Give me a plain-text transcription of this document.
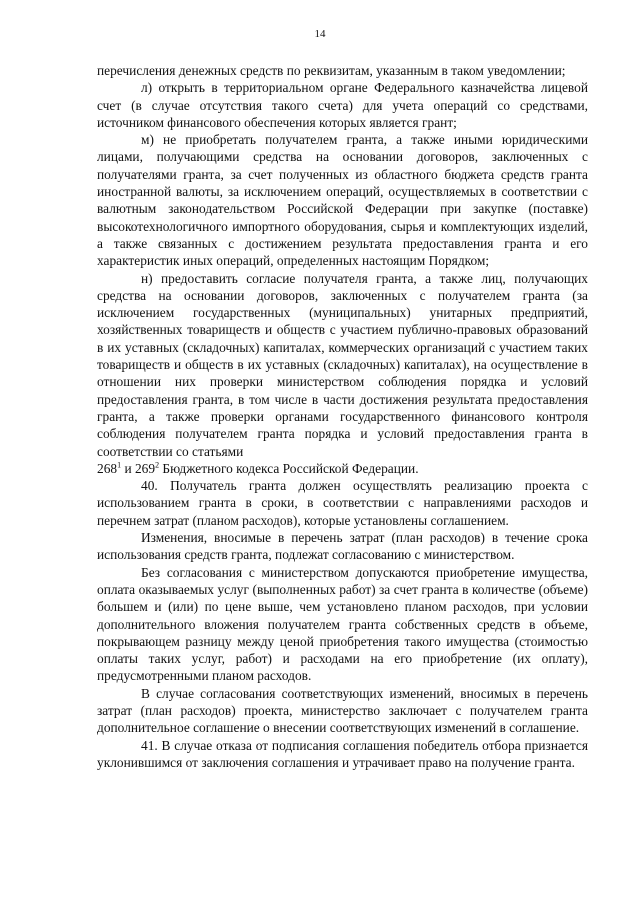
14

перечисления денежных средств по реквизитам, указанным в таком уведомлении;

л) открыть в территориальном органе Федерального казначейства лицевой счет (в случае отсутствия такого счета) для учета операций со средствами, источником финансового обеспечения которых является грант;

м) не приобретать получателем гранта, а также иными юридическими лицами, получающими средства на основании договоров, заключенных с получателями гранта, за счет полученных из областного бюджета средств гранта иностранной валюты, за исключением операций, осуществляемых в соответствии с валютным законодательством Российской Федерации при закупке (поставке) высокотехнологичного импортного оборудования, сырья и комплектующих изделий, а также связанных с достижением результата предоставления гранта и его характеристик иных операций, определенных настоящим Порядком;

н) предоставить согласие получателя гранта, а также лиц, получающих средства на основании договоров, заключенных с получателем гранта (за исключением государственных (муниципальных) унитарных предприятий, хозяйственных товариществ и обществ с участием публично-правовых образований в их уставных (складочных) капиталах, коммерческих организаций с участием таких товариществ и обществ в их уставных (складочных) капиталах), на осуществление в отношении них проверки министерством соблюдения порядка и условий предоставления гранта, в том числе в части достижения результата предоставления гранта, а также проверки органами государственного финансового контроля соблюдения получателем гранта порядка и условий предоставления гранта в соответствии со статьями
$268^1$ и $269^2$ Бюджетного кодекса Российской Федерации.

40. Получатель гранта должен осуществлять реализацию проекта с использованием гранта в сроки, в соответствии с направлениями расходов и перечнем затрат (планом расходов), которые установлены соглашением.

Изменения, вносимые в перечень затрат (план расходов) в течение срока использования средств гранта, подлежат согласованию с министерством.

Без согласования с министерством допускаются приобретение имущества, оплата оказываемых услуг (выполненных работ) за счет гранта в количестве (объеме) большем и (или) по цене выше, чем установлено планом расходов, при условии дополнительного вложения получателем гранта собственных средств в объеме, покрывающем разницу между ценой приобретения такого имущества (стоимостью оплаты таких услуг, работ) и расходами на его приобретение (их оплату), предусмотренными планом расходов.

В случае согласования соответствующих изменений, вносимых в перечень затрат (план расходов) проекта, министерство заключает с получателем гранта дополнительное соглашение о внесении соответствующих изменений в соглашение.

41. В случае отказа от подписания соглашения победитель отбора признается уклонившимся от заключения соглашения и утрачивает право на получение гранта.
